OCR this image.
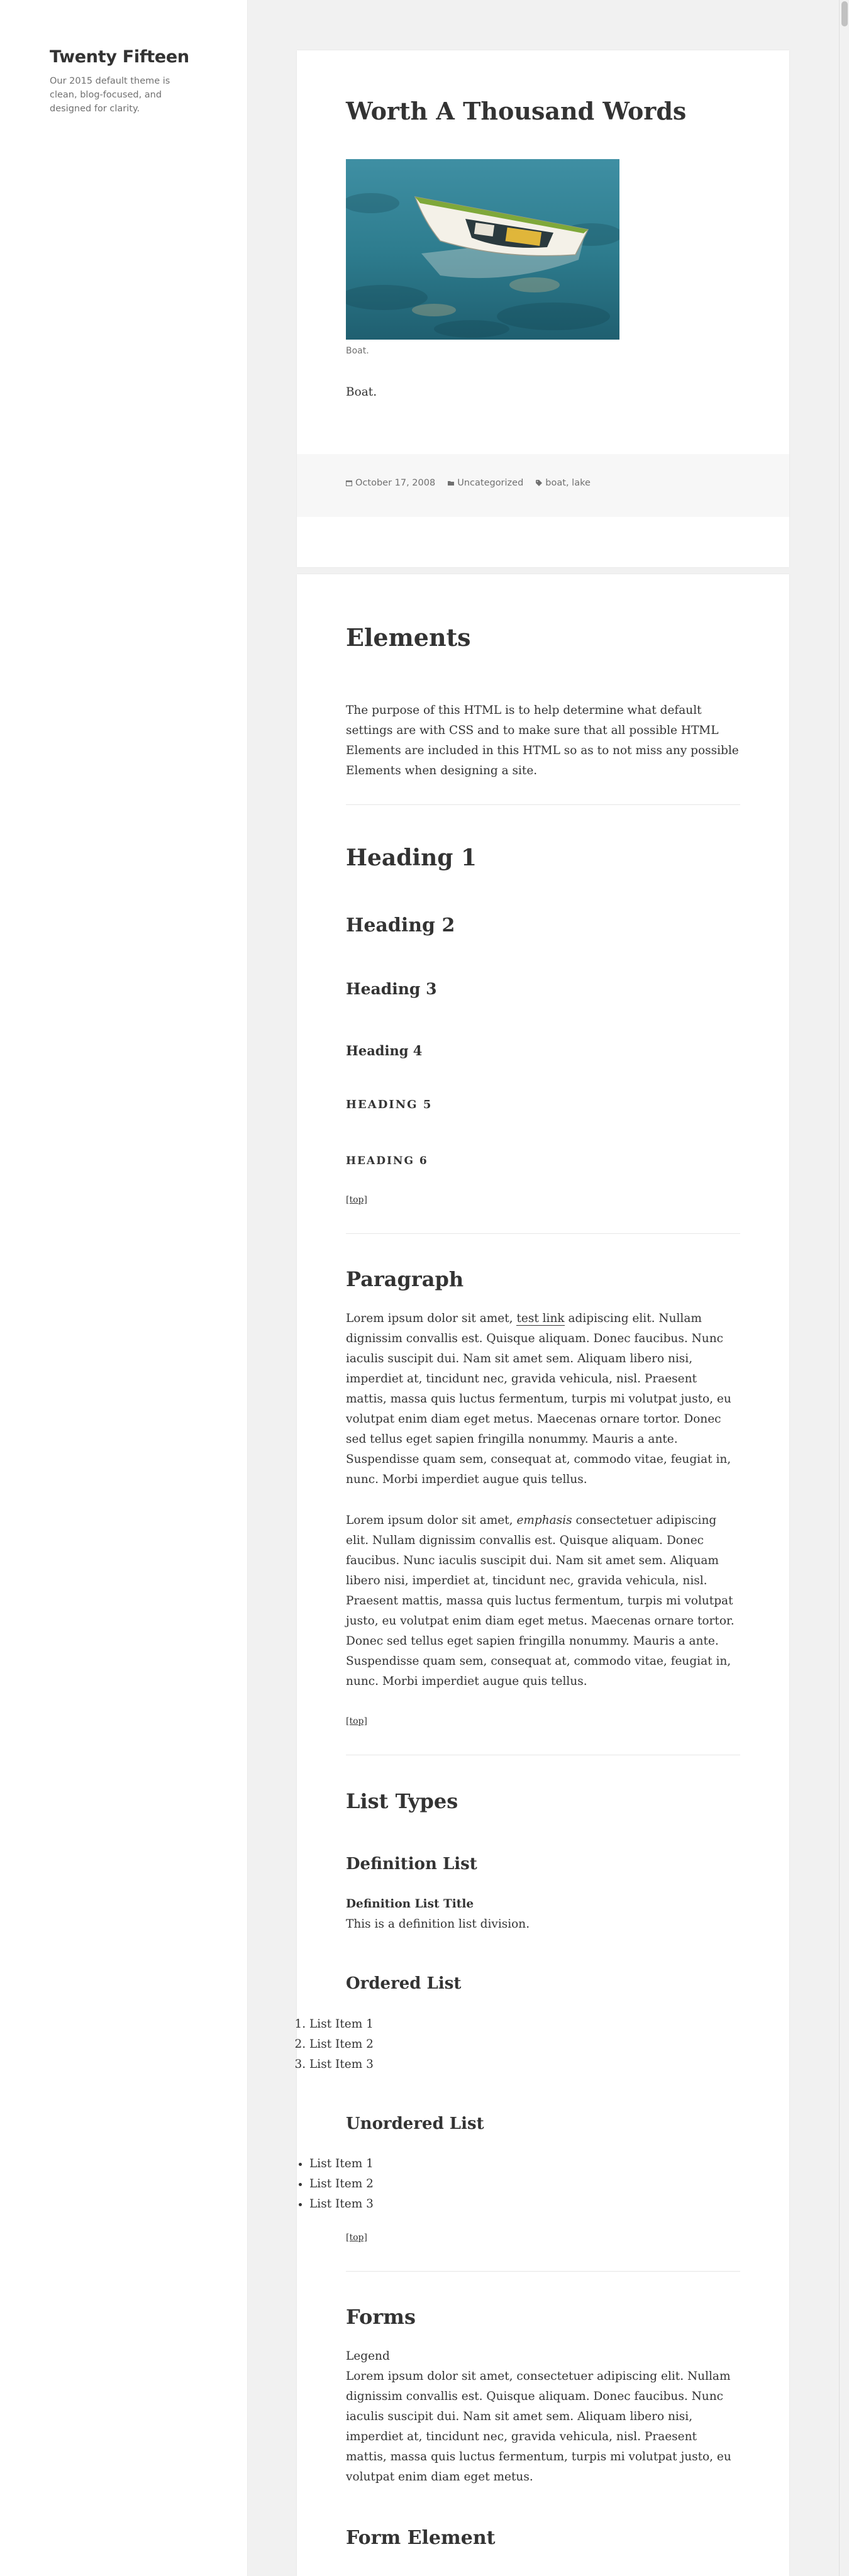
Twenty Fifteen

Our 2015 default theme is clean, blog-focused, and designed for clarity.	Worth A Thousand Words
Boat.

Boat.

October 17, 2008 Uncategorized boat, lake
Elements

The purpose of this HTML is to help determine what default settings are with CSS and to make sure that all possible HTML Elements are included in this HTML so as to not miss any possible Elements when designing a site.

Heading 1
Heading 2
Heading 3
Heading 4
HEADING 5
HEADING 6
[top]
Paragraph

Lorem ipsum dolor sit amet, test link adipiscing elit. Nullam dignissim convallis est. Quisque aliquam. Donec faucibus. Nunc iaculis suscipit dui. Nam sit amet sem. Aliquam libero nisi, imperdiet at, tincidunt nec, gravida vehicula, nisl. Praesent mattis, massa quis luctus fermentum, turpis mi volutpat justo, eu volutpat enim diam eget metus. Maecenas ornare tortor. Donec sed tellus eget sapien fringilla nonummy. Mauris a ante. Suspendisse quam sem, consequat at, commodo vitae, feugiat in, nunc. Morbi imperdiet augue quis tellus.

Lorem ipsum dolor sit amet, emphasis consectetuer adipiscing elit. Nullam dignissim convallis est. Quisque aliquam. Donec faucibus. Nunc iaculis suscipit dui. Nam sit amet sem. Aliquam libero nisi, imperdiet at, tincidunt nec, gravida vehicula, nisl. Praesent mattis, massa quis luctus fermentum, turpis mi volutpat justo, eu volutpat enim diam eget metus. Maecenas ornare tortor. Donec sed tellus eget sapien fringilla nonummy. Mauris a ante. Suspendisse quam sem, consequat at, commodo vitae, feugiat in, nunc. Morbi imperdiet augue quis tellus.

[top]
List Types
Definition List
Definition List Title
This is a definition list division.
Ordered List
1. List Item 1
2. List Item 2
3. List Item 3
Unordered List
• List Item 1
• List Item 2
• List Item 3
[top]
Forms
Legend

Lorem ipsum dolor sit amet, consectetuer adipiscing elit. Nullam dignissim convallis est. Quisque aliquam. Donec faucibus. Nunc iaculis suscipit dui. Nam sit amet sem. Aliquam libero nisi, imperdiet at, tincidunt nec, gravida vehicula, nisl. Praesent mattis, massa quis luctus fermentum, turpis mi volutpat justo, eu volutpat enim diam eget metus.

Form Element
